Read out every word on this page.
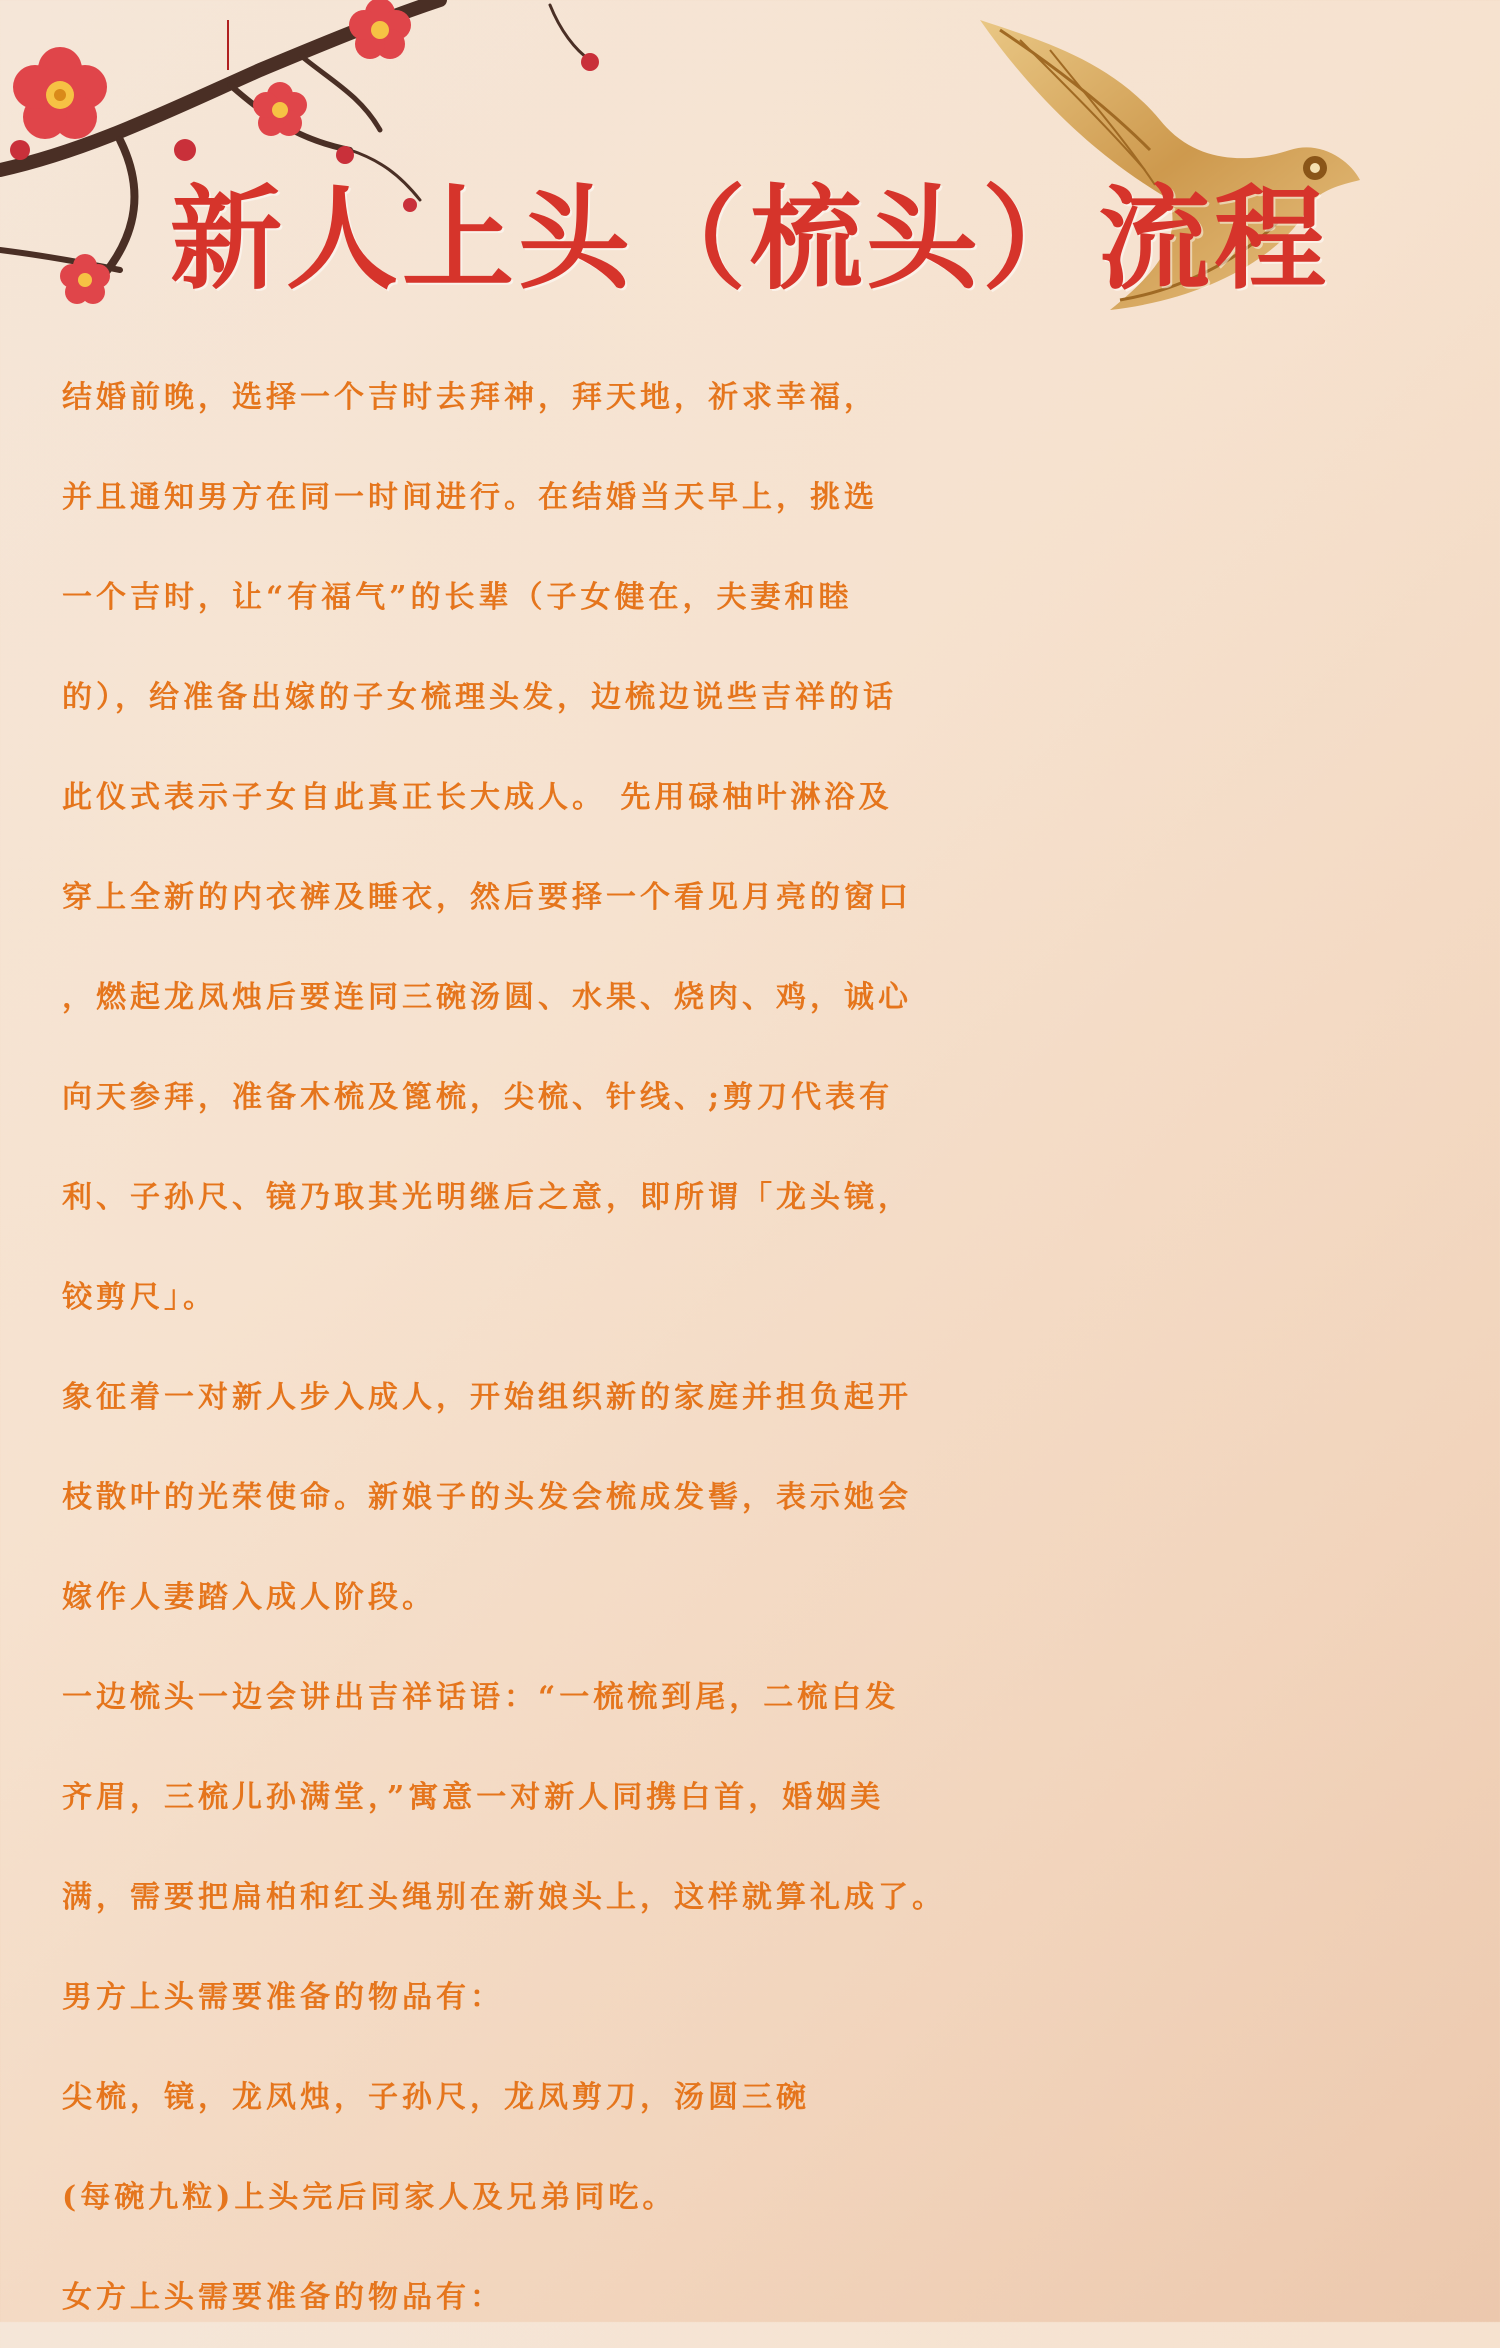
新人上头（梳头）流程
结婚前晚，选择一个吉时去拜神，拜天地，祈求幸福，
并且通知男方在同一时间进行。在结婚当天早上，挑选
一个吉时，让“有福气”的长辈（子女健在，夫妻和睦
的），给准备出嫁的子女梳理头发，边梳边说些吉祥的话
此仪式表示子女自此真正长大成人。 先用碌柚叶淋浴及
穿上全新的内衣裤及睡衣，然后要择一个看见月亮的窗口
，燃起龙凤烛后要连同三碗汤圆、水果、烧肉、鸡，诚心
向天参拜，准备木梳及篦梳，尖梳、针线、;剪刀代表有
利、子孙尺、镜乃取其光明继后之意，即所谓「龙头镜，
铰剪尺」。
象征着一对新人步入成人，开始组织新的家庭并担负起开
枝散叶的光荣使命。新娘子的头发会梳成发髻，表示她会
嫁作人妻踏入成人阶段。
一边梳头一边会讲出吉祥话语：“一梳梳到尾，二梳白发
齐眉，三梳儿孙满堂，”寓意一对新人同携白首，婚姻美
满，需要把扁柏和红头绳别在新娘头上，这样就算礼成了。
男方上头需要准备的物品有：
尖梳，镜，龙凤烛，子孙尺，龙凤剪刀，汤圆三碗
(每碗九粒)上头完后同家人及兄弟同吃。
女方上头需要准备的物品有：
